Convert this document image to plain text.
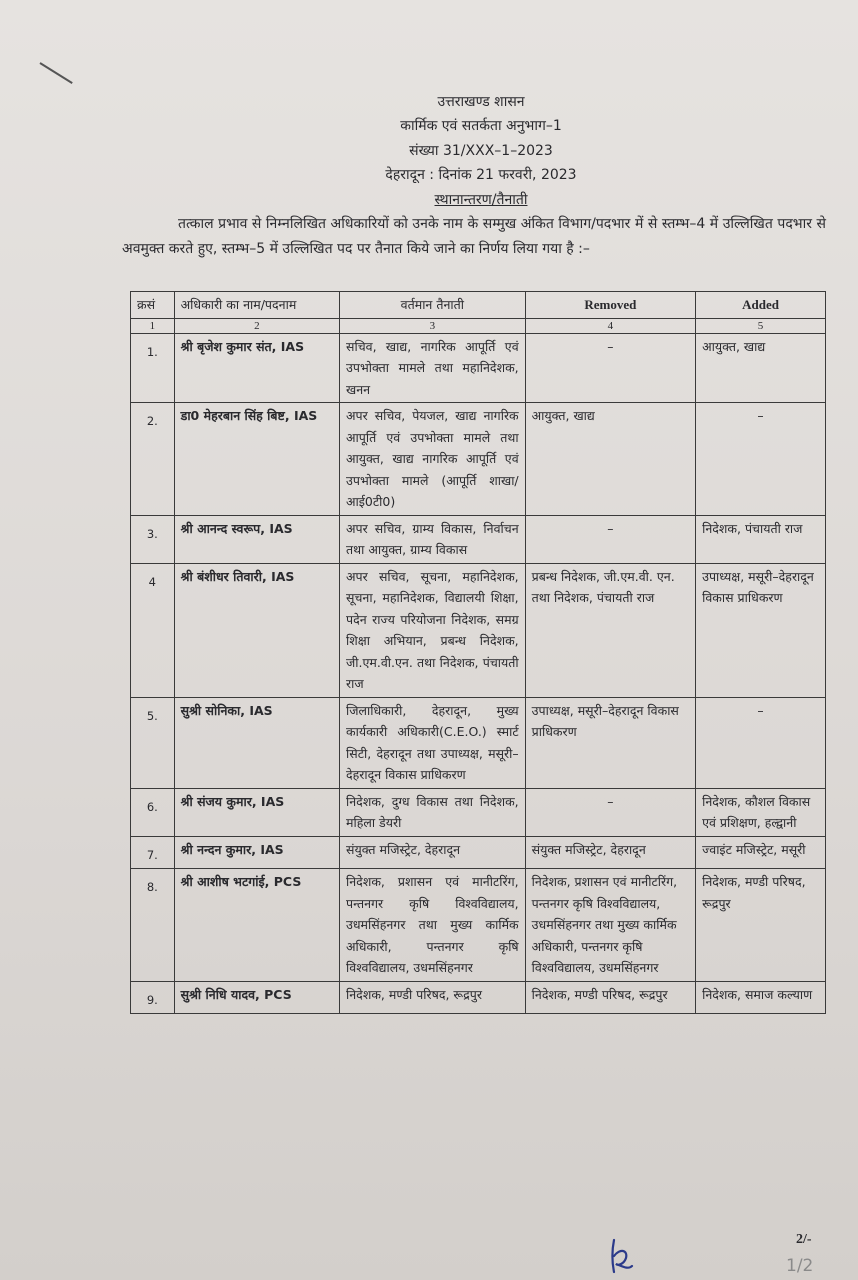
उत्तराखण्ड शासन
कार्मिक एवं सतर्कता अनुभाग–1
संख्या 31/XXX–1–2023
देहरादून : दिनांक 21 फरवरी, 2023
स्थानान्तरण/तैनाती
तत्काल प्रभाव से निम्नलिखित अधिकारियों को उनके नाम के सम्मुख अंकित विभाग/पदभार में से स्तम्भ–4 में उल्लिखित पदभार से अवमुक्त करते हुए, स्तम्भ–5 में उल्लिखित पद पर तैनात किये जाने का निर्णय लिया गया है :–
क्रसं	अधिकारी का नाम/पदनाम	वर्तमान तैनाती	Removed	Added
1	2	3	4	5
1.	श्री बृजेश कुमार संत, IAS	सचिव, खाद्य, नागरिक आपूर्ति एवं उपभोक्ता मामले तथा महानिदेशक, खनन	–	आयुक्त, खाद्य
2.	डा0 मेहरबान सिंह बिष्ट, IAS	अपर सचिव, पेयजल, खाद्य नागरिक आपूर्ति एवं उपभोक्ता मामले तथा आयुक्त, खाद्य नागरिक आपूर्ति एवं उपभोक्ता मामले (आपूर्ति शाखा/ आई0टी0)	आयुक्त, खाद्य	–

3.	श्री आनन्द स्वरूप, IAS	अपर सचिव, ग्राम्य विकास, निर्वाचन तथा आयुक्त, ग्राम्य विकास	–	निदेशक, पंचायती राज
4	श्री बंशीधर तिवारी, IAS	अपर सचिव, सूचना, महानिदेशक, सूचना, महानिदेशक, विद्यालयी शिक्षा, पदेन राज्य परियोजना निदेशक, समग्र शिक्षा अभियान, प्रबन्ध निदेशक, जी.एम.वी.एन. तथा निदेशक, पंचायती राज	प्रबन्ध निदेशक, जी.एम.वी. एन. तथा निदेशक, पंचायती राज	उपाध्यक्ष, मसूरी–देहरादून विकास प्राधिकरण
5.	सुश्री सोनिका, IAS	जिलाधिकारी, देहरादून, मुख्य कार्यकारी अधिकारी(C.E.O.) स्मार्ट सिटी, देहरादून तथा उपाध्यक्ष, मसूरी–देहरादून विकास प्राधिकरण	उपाध्यक्ष, मसूरी–देहरादून विकास प्राधिकरण	–

6.	श्री संजय कुमार, IAS	निदेशक, दुग्ध विकास तथा निदेशक, महिला डेयरी	–	निदेशक, कौशल विकास एवं प्रशिक्षण, हल्द्वानी
7.	श्री नन्दन कुमार, IAS	संयुक्त मजिस्ट्रेट, देहरादून	संयुक्त मजिस्ट्रेट, देहरादून	ज्वाइंट मजिस्ट्रेट, मसूरी
8.	श्री आशीष भटगांई, PCS	निदेशक, प्रशासन एवं मानीटरिंग, पन्तनगर कृषि विश्वविद्यालय, उधमसिंहनगर तथा मुख्य कार्मिक अधिकारी, पन्तनगर कृषि विश्वविद्यालय, उधमसिंहनगर	निदेशक, प्रशासन एवं मानीटरिंग, पन्तनगर कृषि विश्वविद्यालय, उधमसिंहनगर तथा मुख्य कार्मिक अधिकारी, पन्तनगर कृषि विश्वविद्यालय, उधमसिंहनगर	निदेशक, मण्डी परिषद, रूद्रपुर
9.	सुश्री निधि यादव, PCS	निदेशक, मण्डी परिषद, रूद्रपुर	निदेशक, मण्डी परिषद, रूद्रपुर	निदेशक, समाज कल्याण
2/-
1/2
